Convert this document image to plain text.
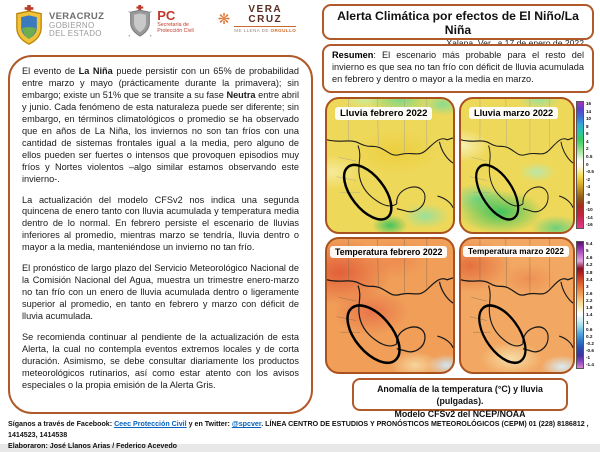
VERACRUZ
GOBIERNO
DEL ESTADO
PC
Secretaría de
Protección Civil
❋
VERA
CRUZ
ME LLENA DE ORGULLO
Alerta Climática por efectos de El Niño/La Niña

Resumen: El escenario más probable para el resto del invierno es que sea no tan frío con déficit de lluvia acumulada en febrero y dentro o mayor a la media en marzo.

El evento de La Niña puede persistir con un 65% de probabilidad entre marzo y mayo (prácticamente durante la primavera); sin embargo; existe un 51% que se transite a su fase Neutra entre abril y junio. Cada fenómeno de esta naturaleza puede ser diferente; sin embargo, en términos climatológicos o promedio se ha observado que en años de La Niña, los inviernos no son tan fríos con una cantidad de sistemas frontales igual a la media, pero alguno de ellos pueden ser fuertes o intensos que provoquen episodios muy fríos y Nortes violentos –algo similar estamos observando este invierno-.

La actualización del modelo CFSv2 nos indica una segunda quincena de enero tanto con lluvia acumulada y temperatura media dentro de lo normal. En febrero persiste el escenario de lluvias inferiores al promedio, mientras marzo se tendría, lluvia dentro o mayor a la media, manteniéndose un invierno no tan frío.

El pronóstico de largo plazo del Servicio Meteorológico Nacional de la Comisión Nacional del Agua, muestra un trimestre enero-marzo no tan frío con un enero de lluvia acumulada dentro o ligeramente superior al promedio, en tanto en febrero y marzo con déficit de lluvia acumulada.

Se recomienda continuar al pendiente de la actualización de esta Alerta, la cual no contempla eventos extremos locales y de corta duración. Asimismo, se debe consultar diariamente los productos meteorológicos rutinarios, así como estar atento con los avisos especiales o la propia emisión de la Alerta Gris.

Lluvia febrero 2022	Lluvia marzo 2022
16
14
10
8
6
4
2
0.5
0
-0.5
-2
-4
-6
-8
-10
-14
-16
Temperatura febrero 2022	Temperatura marzo 2022
5.4
5
4.6
4.2
3.8
3.4
3
2.6
2.2
1.8
1.4
1
0.6
0.2
-0.2
-0.6
-1
-1.4
Anomalía de la temperatura (°C) y lluvia (pulgadas).
Modelo CFSv2 del NCEP/NOAA
Síganos a través de Facebook: Ceec Protección Civil y en Twitter: @spcver. LÍNEA CENTRO DE ESTUDIOS Y PRONÓSTICOS METEOROLÓGICOS (CEPM) 01 (228) 8186812 , 1414523, 1414538
Elaboraron: José Llanos Arias / Federico Acevedo
